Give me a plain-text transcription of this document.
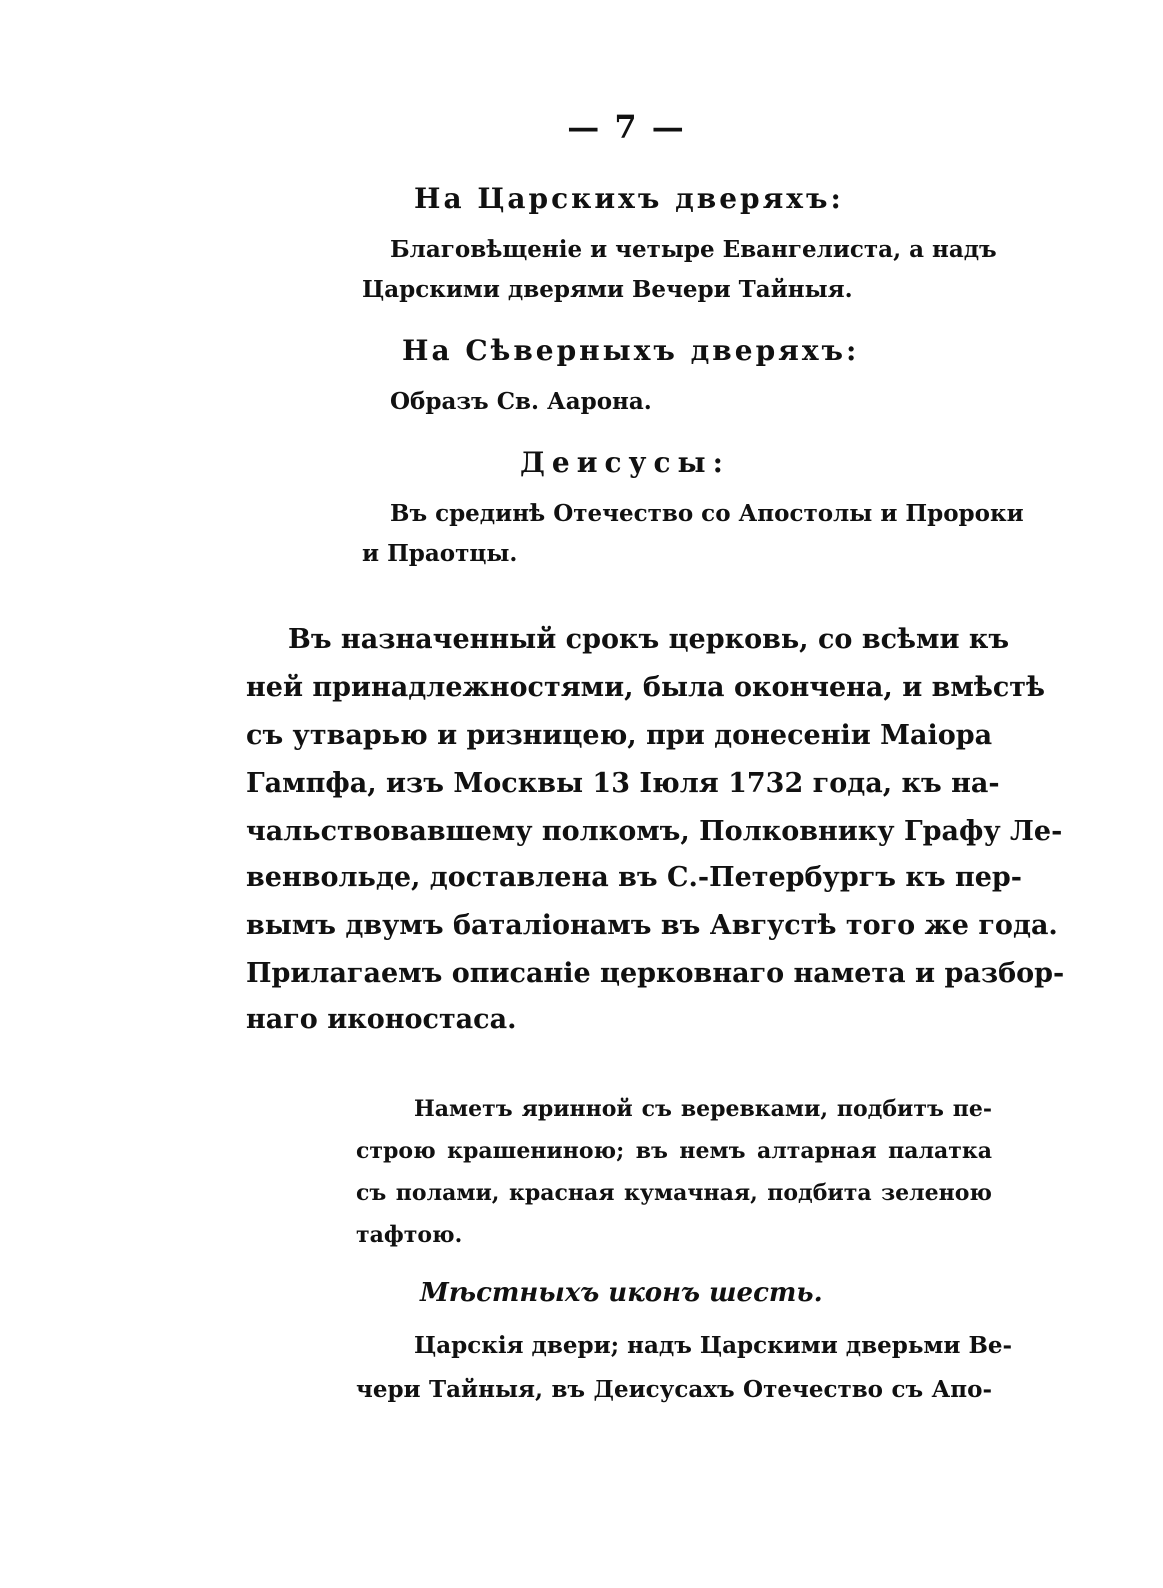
— 7 —
На Царскихъ дверяхъ:
Благовѣщеніе и четыре Евангелиста, а надъ
Царскими дверями Вечери Тайныя.
На Сѣверныхъ дверяхъ:
Образъ Св. Аарона.
Деисусы:
Въ срединѣ Отечество со Апостолы и Пророки
и Праотцы.
Въ назначенный срокъ церковь, со всѣми къ
ней принадлежностями, была окончена, и вмѣстѣ
съ утварью и ризницею, при донесеніи Маіора
Гампфа, изъ Москвы 13 Іюля 1732 года, къ на-
чальствовавшему полкомъ, Полковнику Графу Ле-
венвольде, доставлена въ С.-Петербургъ къ пер-
вымъ двумъ баталіонамъ въ Августѣ того же года.
Прилагаемъ описаніе церковнаго намета и разбор-
наго иконостаса.
Наметъ яринной съ веревками, подбитъ пе-
строю крашениною; въ немъ алтарная палатка
съ полами, красная кумачная, подбита зеленою
тафтою.
Мѣстныхъ иконъ шесть.
Царскія двери; надъ Царскими дверьми Ве-
чери Тайныя, въ Деисусахъ Отечество съ Апо-
